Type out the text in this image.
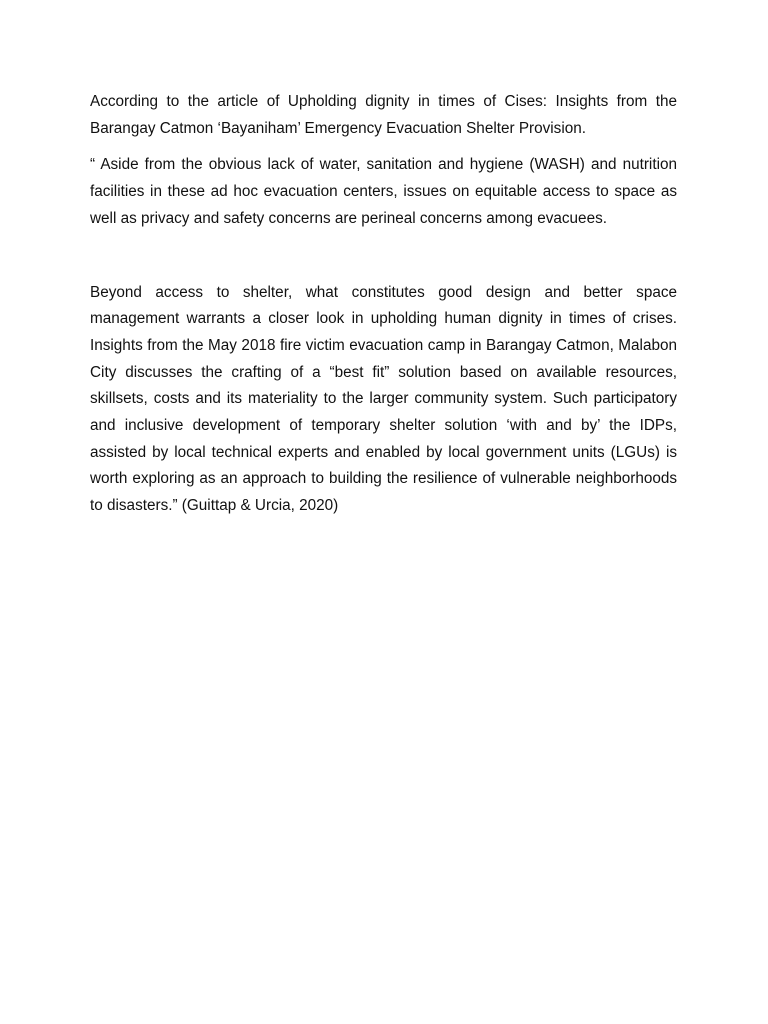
According to the article of Upholding dignity in times of Cises: Insights from the Barangay Catmon ‘Bayaniham’ Emergency Evacuation Shelter Provision.

“ Aside from the obvious lack of water, sanitation and hygiene (WASH) and nutrition facilities in these ad hoc evacuation centers, issues on equitable access to space as well as privacy and safety concerns are perineal concerns among evacuees.

Beyond access to shelter, what constitutes good design and better space management warrants a closer look in upholding human dignity in times of crises. Insights from the May 2018 fire victim evacuation camp in Barangay Catmon, Malabon City discusses the crafting of a “best fit” solution based on available resources, skillsets, costs and its materiality to the larger community system. Such participatory and inclusive development of temporary shelter solution ‘with and by’ the IDPs, assisted by local technical experts and enabled by local government units (LGUs) is worth exploring as an approach to building the resilience of vulnerable neighborhoods to disasters.” (Guittap & Urcia, 2020)
